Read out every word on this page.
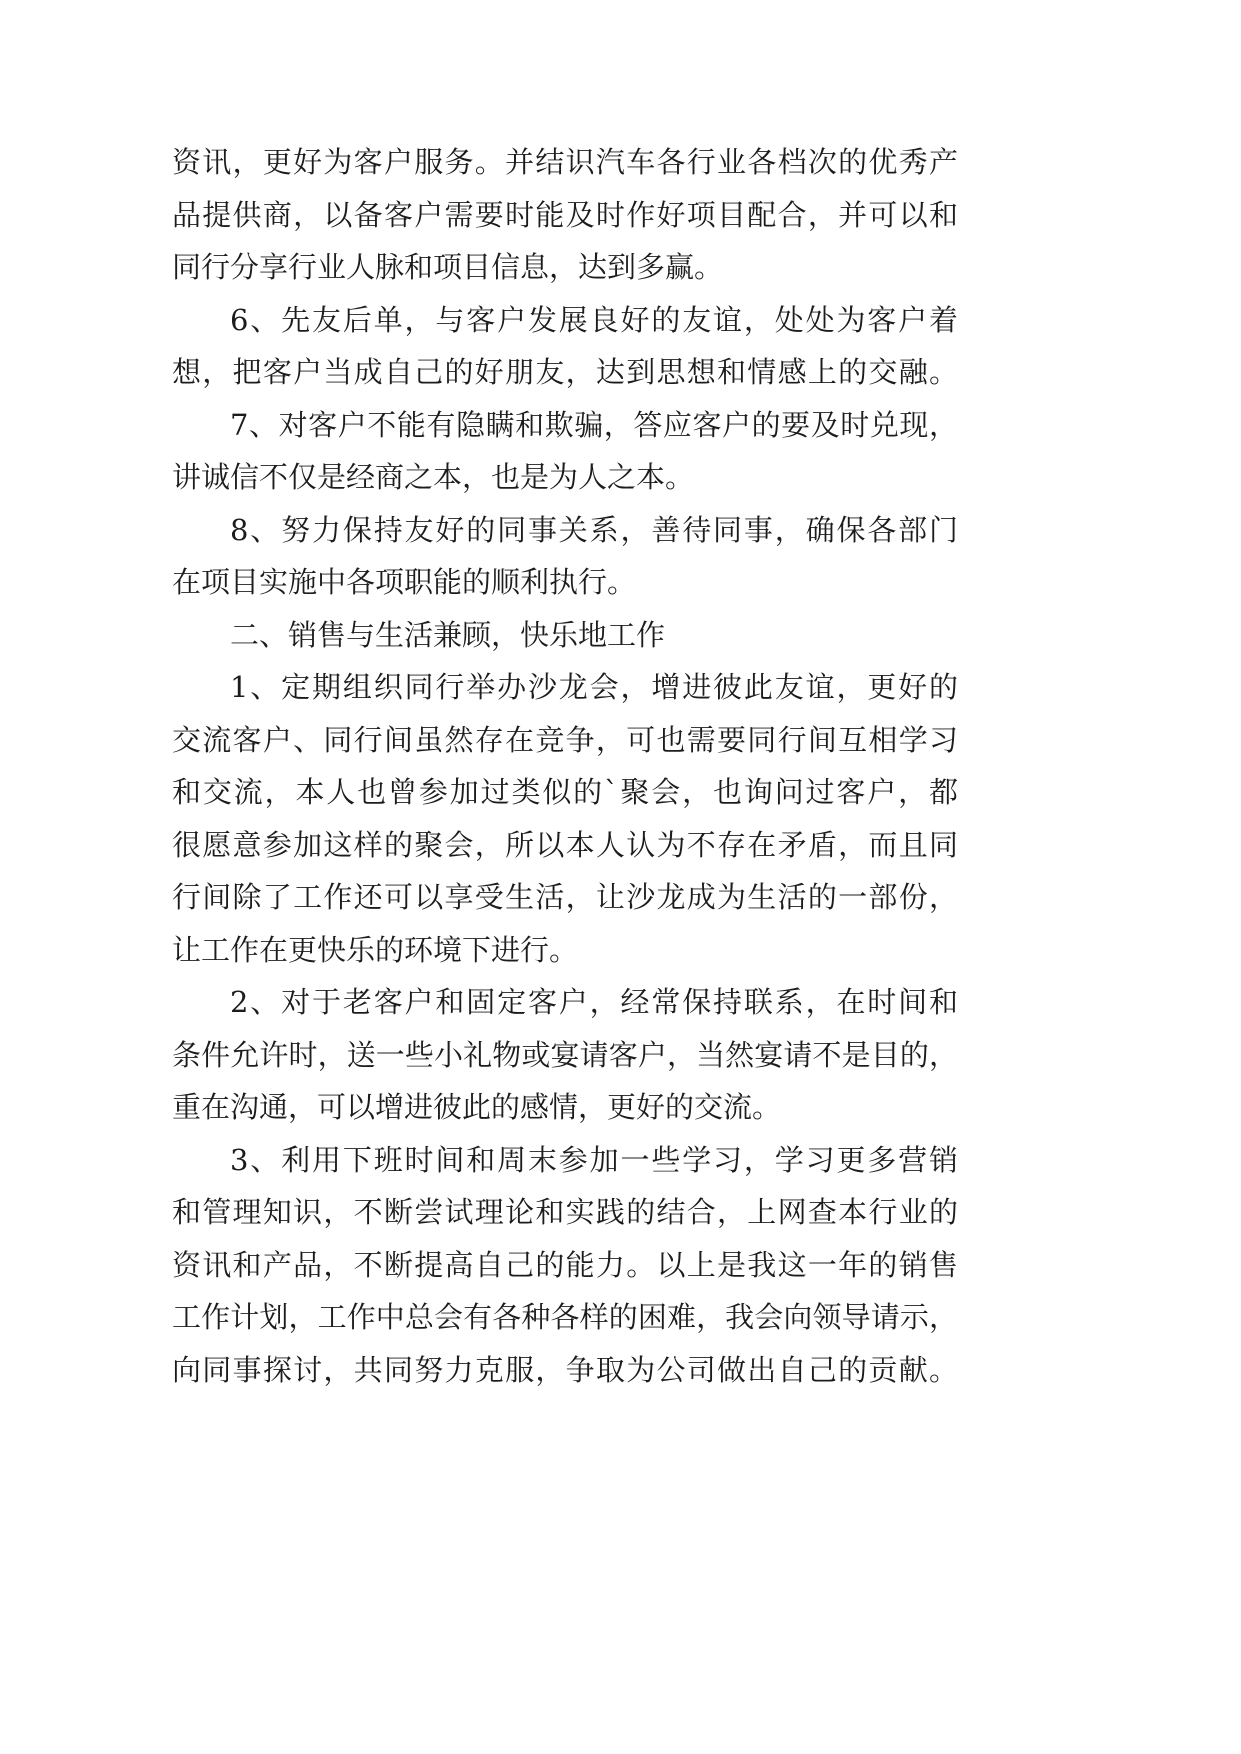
资讯，更好为客户服务。并结识汽车各行业各档次的优秀产
品提供商，以备客户需要时能及时作好项目配合，并可以和
同行分享行业人脉和项目信息，达到多赢。
6、先友后单，与客户发展良好的友谊，处处为客户着
想，把客户当成自己的好朋友，达到思想和情感上的交融。
7、对客户不能有隐瞒和欺骗，答应客户的要及时兑现，
讲诚信不仅是经商之本，也是为人之本。
8、努力保持友好的同事关系，善待同事，确保各部门
在项目实施中各项职能的顺利执行。
二、销售与生活兼顾，快乐地工作
1、定期组织同行举办沙龙会，增进彼此友谊，更好的
交流客户、同行间虽然存在竞争，可也需要同行间互相学习
和交流，本人也曾参加过类似的`聚会，也询问过客户，都
很愿意参加这样的聚会，所以本人认为不存在矛盾，而且同
行间除了工作还可以享受生活，让沙龙成为生活的一部份，
让工作在更快乐的环境下进行。
2、对于老客户和固定客户，经常保持联系，在时间和
条件允许时，送一些小礼物或宴请客户，当然宴请不是目的，
重在沟通，可以增进彼此的感情，更好的交流。
3、利用下班时间和周末参加一些学习，学习更多营销
和管理知识，不断尝试理论和实践的结合，上网查本行业的
资讯和产品，不断提高自己的能力。以上是我这一年的销售
工作计划，工作中总会有各种各样的困难，我会向领导请示，
向同事探讨，共同努力克服，争取为公司做出自己的贡献。
